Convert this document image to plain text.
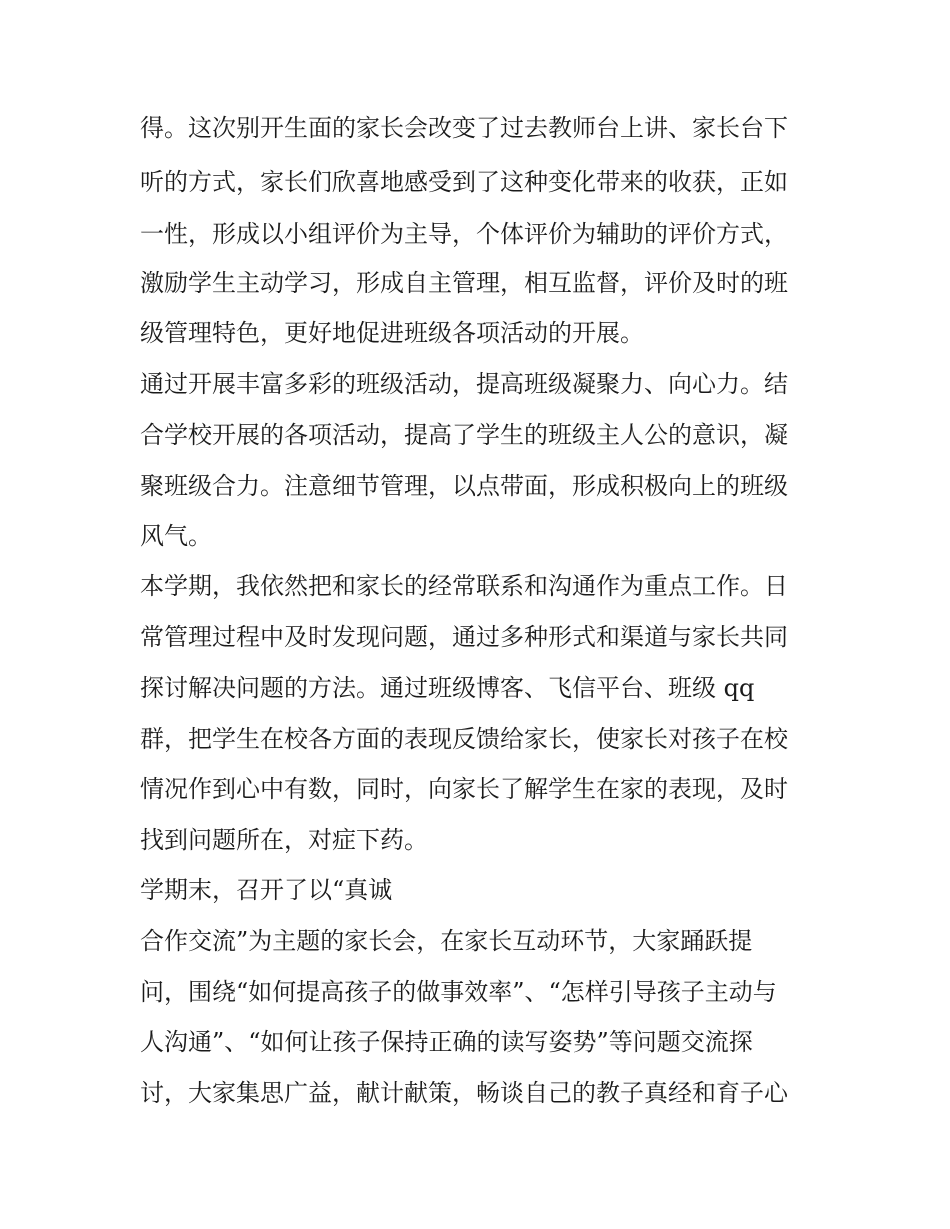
得。这次别开生面的家长会改变了过去教师台上讲、家长台下
听的方式，家长们欣喜地感受到了这种变化带来的收获，正如
一性，形成以小组评价为主导，个体评价为辅助的评价方式，
激励学生主动学习，形成自主管理，相互监督，评价及时的班
级管理特色，更好地促进班级各项活动的开展。
通过开展丰富多彩的班级活动，提高班级凝聚力、向心力。结
合学校开展的各项活动，提高了学生的班级主人公的意识，凝
聚班级合力。注意细节管理，以点带面，形成积极向上的班级
风气。
本学期，我依然把和家长的经常联系和沟通作为重点工作。日
常管理过程中及时发现问题，通过多种形式和渠道与家长共同
探讨解决问题的方法。通过班级博客、飞信平台、班级 qq
群，把学生在校各方面的表现反馈给家长，使家长对孩子在校
情况作到心中有数，同时，向家长了解学生在家的表现，及时
找到问题所在，对症下药。
学期末，召开了以“真诚
合作交流”为主题的家长会，在家长互动环节，大家踊跃提
问，围绕“如何提高孩子的做事效率”、“怎样引导孩子主动与
人沟通”、“如何让孩子保持正确的读写姿势”等问题交流探
讨，大家集思广益，献计献策，畅谈自己的教子真经和育子心
